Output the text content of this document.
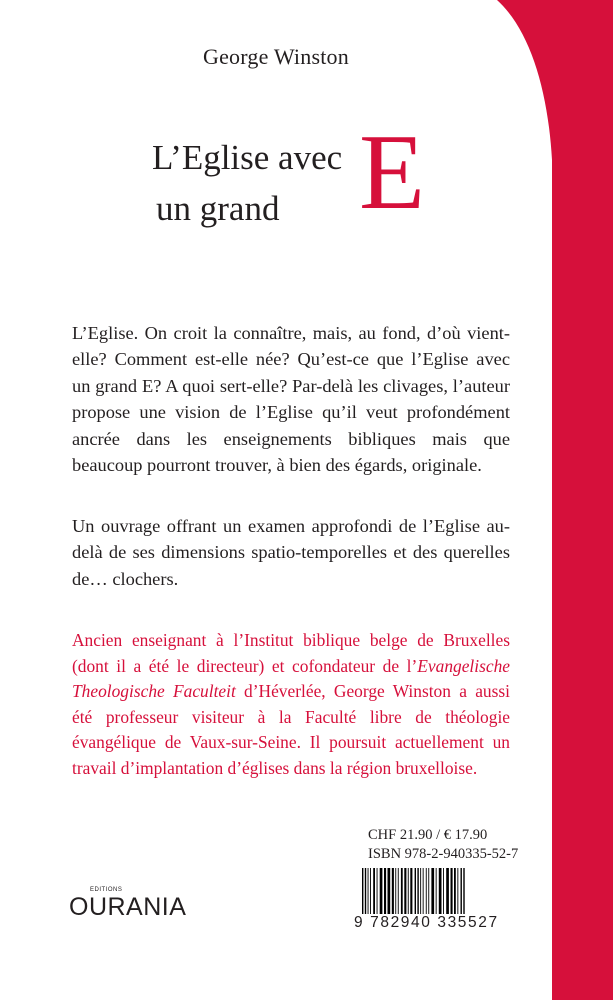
George Winston
E
L’Eglise avec
un grand

L’Eglise. On croit la connaître, mais, au fond, d’où vient-elle? Comment est-elle née? Qu’est-ce que l’Eglise avec un grand E? A quoi sert-elle? Par-delà les clivages, l’auteur propose une vision de l’Eglise qu’il veut profondément ancrée dans les enseignements bibliques mais que beaucoup pourront trouver, à bien des égards, originale.

Un ouvrage offrant un examen approfondi de l’Eglise au-delà de ses dimensions spatio-temporelles et des querelles de… clochers.

Ancien enseignant à l’Institut biblique belge de Bruxelles (dont il a été le directeur) et cofondateur de l’Evangelische Theologische Faculteit d’Héverlée, George Winston a aussi été professeur visiteur à la Faculté libre de théologie évangélique de Vaux-sur-Seine. Il poursuit actuellement un travail d’implantation d’églises dans la région bruxelloise.

CHF 21.90 / € 17.90
ISBN 978-2-940335-52-7
9 782940 335527
EDITIONS
OURANIA
